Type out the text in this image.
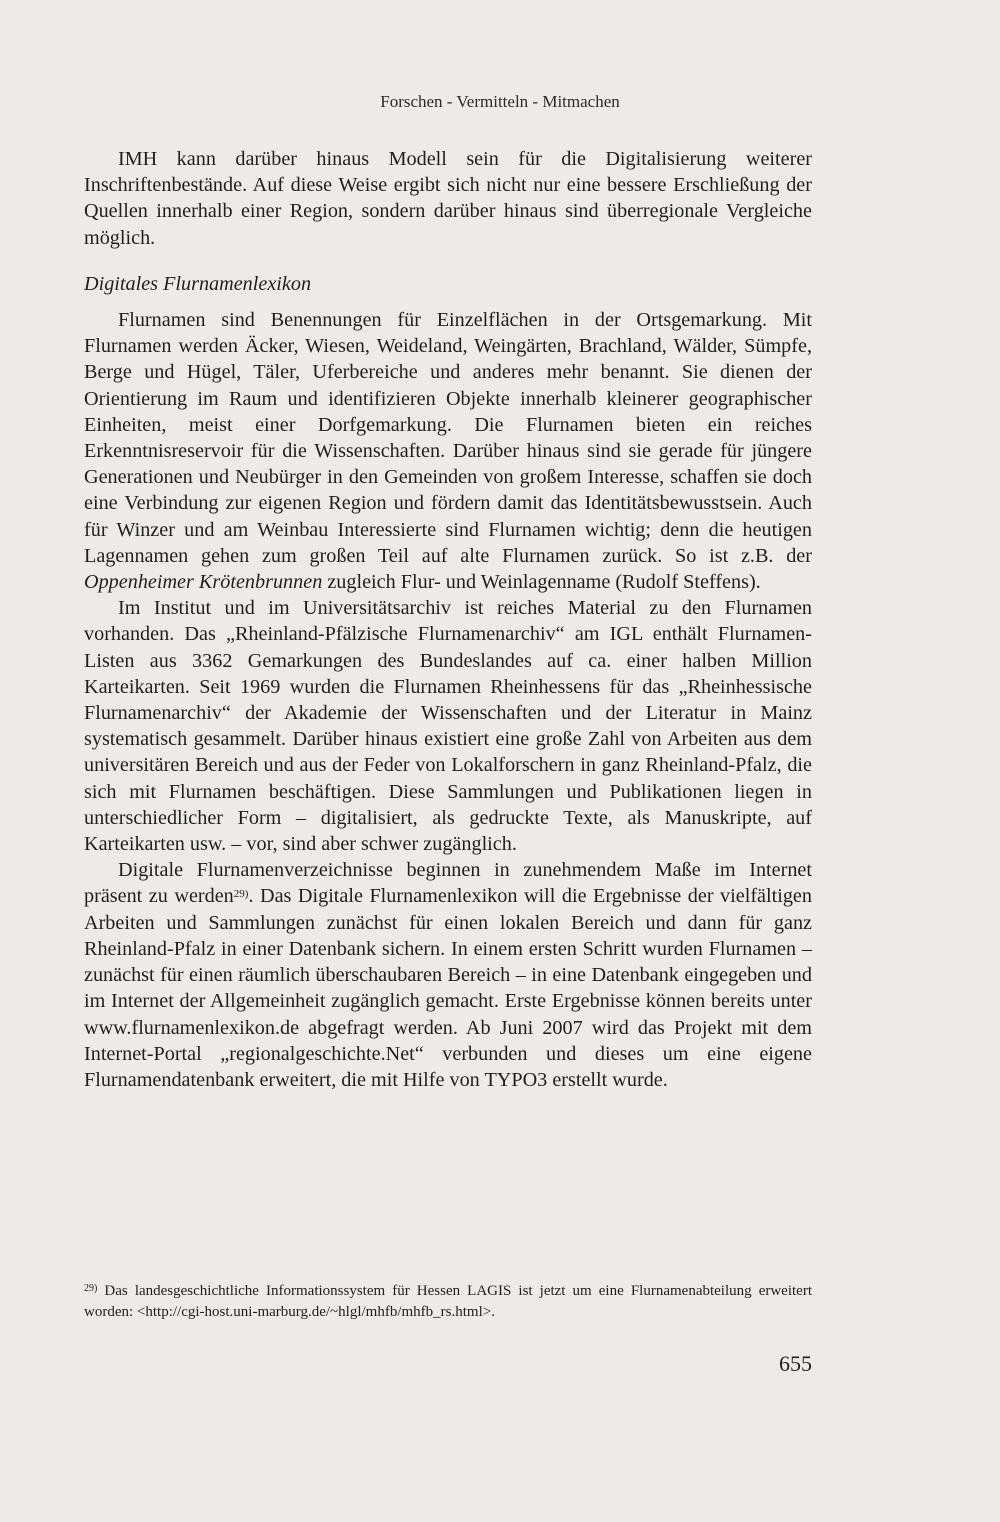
Forschen - Vermitteln - Mitmachen

IMH kann darüber hinaus Modell sein für die Digitalisierung weiterer Inschriftenbestände. Auf diese Weise ergibt sich nicht nur eine bessere Erschließung der Quellen innerhalb einer Region, sondern darüber hinaus sind überregionale Vergleiche möglich.

Digitales Flurnamenlexikon

Flurnamen sind Benennungen für Einzelflächen in der Ortsgemarkung. Mit Flurnamen werden Äcker, Wiesen, Weideland, Weingärten, Brachland, Wälder, Sümpfe, Berge und Hügel, Täler, Uferbereiche und anderes mehr benannt. Sie dienen der Orientierung im Raum und identifizieren Objekte innerhalb kleinerer geographischer Einheiten, meist einer Dorfgemarkung. Die Flurnamen bieten ein reiches Erkenntnisreservoir für die Wissenschaften. Darüber hinaus sind sie gerade für jüngere Generationen und Neubürger in den Gemeinden von großem Interesse, schaffen sie doch eine Verbindung zur eigenen Region und fördern damit das Identitätsbewusstsein. Auch für Winzer und am Weinbau Interessierte sind Flurnamen wichtig; denn die heutigen Lagennamen gehen zum großen Teil auf alte Flurnamen zurück. So ist z.B. der Oppenheimer Krötenbrunnen zugleich Flur- und Weinlagenname (Rudolf Steffens).

Im Institut und im Universitätsarchiv ist reiches Material zu den Flurnamen vorhanden. Das „Rheinland-Pfälzische Flurnamenarchiv“ am IGL enthält Flurnamen-Listen aus 3362 Gemarkungen des Bundeslandes auf ca. einer halben Million Karteikarten. Seit 1969 wurden die Flurnamen Rheinhessens für das „Rheinhessische Flurnamenarchiv“ der Akademie der Wissenschaften und der Literatur in Mainz systematisch gesammelt. Darüber hinaus existiert eine große Zahl von Arbeiten aus dem universitären Bereich und aus der Feder von Lokalforschern in ganz Rheinland-Pfalz, die sich mit Flurnamen beschäftigen. Diese Sammlungen und Publikationen liegen in unterschiedlicher Form – digitalisiert, als gedruckte Texte, als Manuskripte, auf Karteikarten usw. – vor, sind aber schwer zugänglich.

Digitale Flurnamenverzeichnisse beginnen in zunehmendem Maße im Internet präsent zu werden$^{29)}$. Das Digitale Flurnamenlexikon will die Ergebnisse der vielfältigen Arbeiten und Sammlungen zunächst für einen lokalen Bereich und dann für ganz Rheinland-Pfalz in einer Datenbank sichern. In einem ersten Schritt wurden Flurnamen – zunächst für einen räumlich überschaubaren Bereich – in eine Datenbank eingegeben und im Internet der Allgemeinheit zugänglich gemacht. Erste Ergebnisse können bereits unter www.flurnamenlexikon.de abgefragt werden. Ab Juni 2007 wird das Projekt mit dem Internet-Portal „regionalgeschichte.Net“ verbunden und dieses um eine eigene Flurnamendatenbank erweitert, die mit Hilfe von TYPO3 erstellt wurde.

$^{29)}$ Das landesgeschichtliche Informationssystem für Hessen LAGIS ist jetzt um eine Flurnamenabteilung erweitert worden: <http://cgi-host.uni-marburg.de/~hlgl/mhfb/mhfb_rs.html>.
655
